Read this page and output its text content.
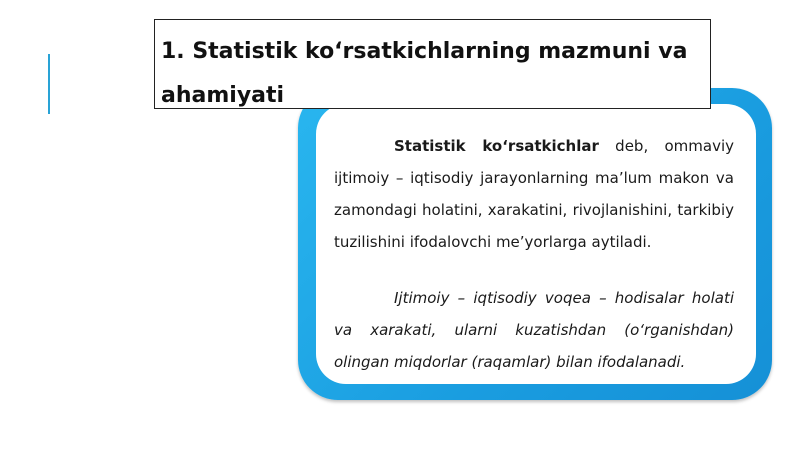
Statistik ko‘rsatkichlar deb, ommaviy ijtimoiy – iqtisodiy jarayonlarning ma’lum makon va zamondagi holatini, xarakatini, rivojlanishini, tarkibiy tuzilishini ifodalovchi me’yorlarga aytiladi.

Ijtimoiy – iqtisodiy voqea – hodisalar holati va xarakati, ularni kuzatishdan (o‘rganishdan) olingan miqdorlar (raqamlar) bilan ifodalanadi.

1. Statistik ko‘rsatkichlarning mazmuni va ahamiyati
